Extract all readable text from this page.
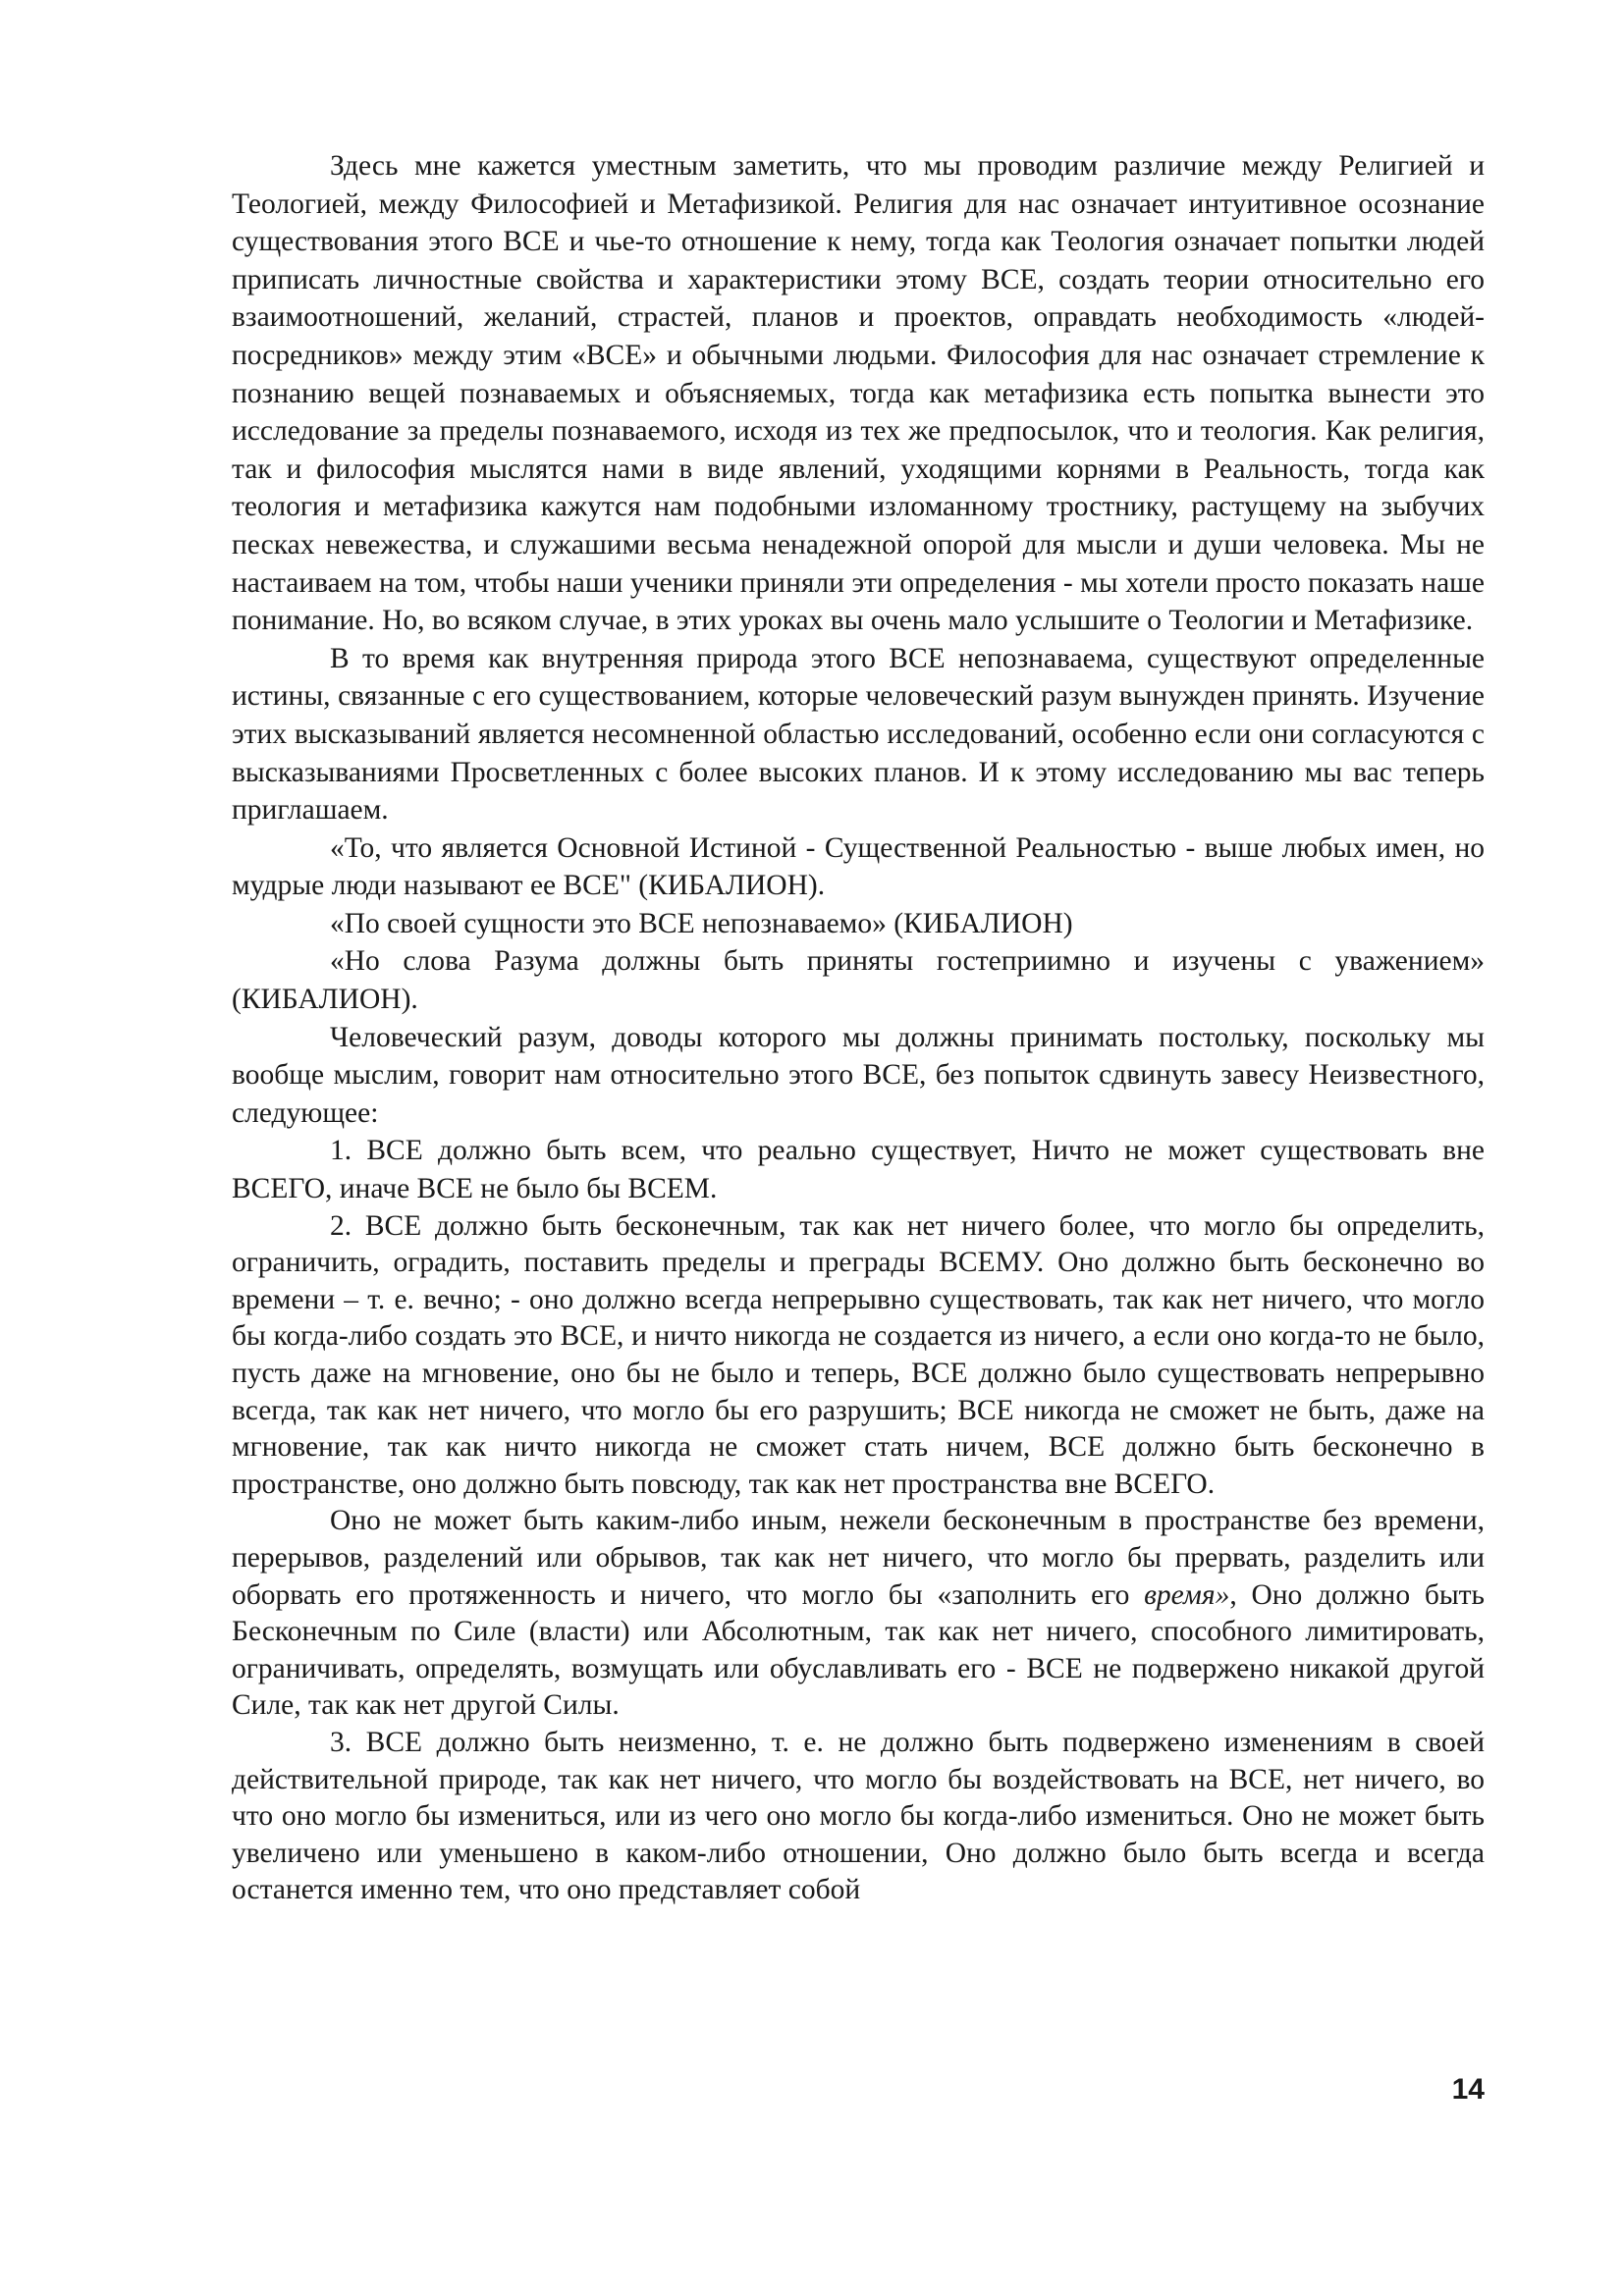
Здесь мне кажется уместным заметить, что мы проводим различие между Религией и Теологией, между Философией и Метафизикой. Религия для нас означает интуитивное осознание существования этого ВСЕ и чье-то отношение к нему, тогда как Теология означает попытки людей приписать личностные свойства и характеристики этому ВСЕ, создать теории относительно его взаимоотношений, желаний, страстей, планов и проектов, оправдать необходимость «людей-посредников» между этим «ВСЕ» и обычными людьми. Философия для нас означает стремление к познанию вещей познаваемых и объясняемых, тогда как метафизика есть попытка вынести это исследование за пределы познаваемого, исходя из тех же предпосылок, что и теология. Как религия, так и философия мыслятся нами в виде явлений, уходящими корнями в Реальность, тогда как теология и метафизика кажутся нам подобными изломанному тростнику, растущему на зыбучих песках невежества, и служашими весьма ненадежной опорой для мысли и души человека. Мы не настаиваем на том, чтобы наши ученики приняли эти определения - мы хотели просто показать наше понимание. Но, во всяком случае, в этих уроках вы очень мало услышите о Теологии и Метафизике.

В то время как внутренняя природа этого ВСЕ непознаваема, существуют определенные истины, связанные с его существованием, которые человеческий разум вынужден принять. Изучение этих высказываний является несомненной областью исследований, особенно если они согласуются с высказываниями Просветленных с более высоких планов. И к этому исследованию мы вас теперь приглашаем.

«То, что является Основной Истиной - Существенной Реальностью - выше любых имен, но мудрые люди называют ее ВСЕ" (КИБАЛИОН).

«По своей сущности это ВСЕ непознаваемо» (КИБАЛИОН)

«Но слова Разума должны быть приняты гостеприимно и изучены с уважением» (КИБАЛИОН).

Человеческий разум, доводы которого мы должны принимать постольку, поскольку мы вообще мыслим, говорит нам относительно этого ВСЕ, без попыток сдвинуть завесу Неизвестного, следующее:

1. ВСЕ должно быть всем, что реально существует, Ничто не может существовать вне ВСЕГО, иначе ВСЕ не было бы ВСЕМ.

2. ВСЕ должно быть бесконечным, так как нет ничего более, что могло бы определить, ограничить, оградить, поставить пределы и преграды ВСЕМУ. Оно должно быть бесконечно во времени – т. е. вечно; - оно должно всегда непрерывно существовать, так как нет ничего, что могло бы когда-либо создать это ВСЕ, и ничто никогда не создается из ничего, а если оно когда-то не было, пусть даже на мгновение, оно бы не было и теперь, ВСЕ должно было существовать непрерывно всегда, так как нет ничего, что могло бы его разрушить; ВСЕ никогда не сможет не быть, даже на мгновение, так как ничто никогда не сможет стать ничем, ВСЕ должно быть бесконечно в пространстве, оно должно быть повсюду, так как нет пространства вне ВСЕГО.

Оно не может быть каким-либо иным, нежели бесконечным в пространстве без времени, перерывов, разделений или обрывов, так как нет ничего, что могло бы прервать, разделить или оборвать его протяженность и ничего, что могло бы «заполнить его время», Оно должно быть Бесконечным по Силе (власти) или Абсолютным, так как нет ничего, способного лимитировать, ограничивать, определять, возмущать или обуславливать его - ВСЕ не подвержено никакой другой Силе, так как нет другой Силы.

3. ВСЕ должно быть неизменно, т. е. не должно быть подвержено изменениям в своей действительной природе, так как нет ничего, что могло бы воздействовать на ВСЕ, нет ничего, во что оно могло бы измениться, или из чего оно могло бы когда-либо измениться. Оно не может быть увеличено или уменьшено в каком-либо отношении, Оно должно было быть всегда и всегда останется именно тем, что оно представляет собой

14
